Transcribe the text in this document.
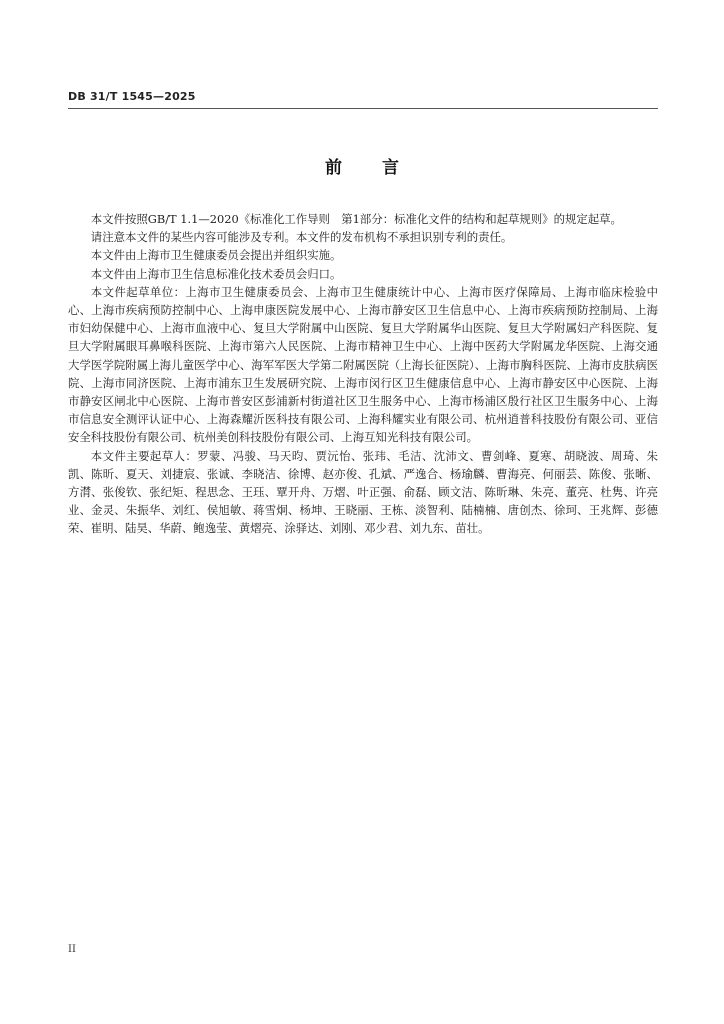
DB 31/T 1545—2025
前言

本文件按照GB/T 1.1—2020《标准化工作导则　第1部分：标准化文件的结构和起草规则》的规定起草。

请注意本文件的某些内容可能涉及专利。本文件的发布机构不承担识别专利的责任。

本文件由上海市卫生健康委员会提出并组织实施。

本文件由上海市卫生信息标准化技术委员会归口。

本文件起草单位：上海市卫生健康委员会、上海市卫生健康统计中心、上海市医疗保障局、上海市临床检验中心、上海市疾病预防控制中心、上海申康医院发展中心、上海市静安区卫生信息中心、上海市疾病预防控制局、上海市妇幼保健中心、上海市血液中心、复旦大学附属中山医院、复旦大学附属华山医院、复旦大学附属妇产科医院、复旦大学附属眼耳鼻喉科医院、上海市第六人民医院、上海市精神卫生中心、上海中医药大学附属龙华医院、上海交通大学医学院附属上海儿童医学中心、海军军医大学第二附属医院（上海长征医院）、上海市胸科医院、上海市皮肤病医院、上海市同济医院、上海市浦东卫生发展研究院、上海市闵行区卫生健康信息中心、上海市静安区中心医院、上海市静安区闸北中心医院、上海市普安区彭浦新村街道社区卫生服务中心、上海市杨浦区殷行社区卫生服务中心、上海市信息安全测评认证中心、上海森耀沂医科技有限公司、上海科耀实业有限公司、杭州逍普科技股份有限公司、亚信安全科技股份有限公司、杭州美创科技股份有限公司、上海互知光科技有限公司。

本文件主要起草人：罗蒙、冯骏、马天昀、贾沅怡、张玮、毛洁、沈沛文、曹剑峰、夏寒、胡晓波、周琦、朱凯、陈昕、夏天、刘捷宸、张诚、李晓洁、徐博、赵亦俊、孔斌、严逸合、杨瑜麟、曹海亮、何丽芸、陈俊、张晰、方潸、张俊钦、张纪矩、程思念、王珏、覃开舟、万熠、叶正强、俞磊、顾文洁、陈昕琳、朱亮、董亮、杜隽、许亮业、金灵、朱振华、刘红、侯旭敏、蒋雪炯、杨坤、王晓丽、王栋、淡智利、陆楠楠、唐创杰、徐珂、王兆辉、彭德荣、崔明、陆昊、华蔚、鲍逸莹、黄熠亮、涂驿达、刘刚、邓少君、刘九东、苗壮。

II
